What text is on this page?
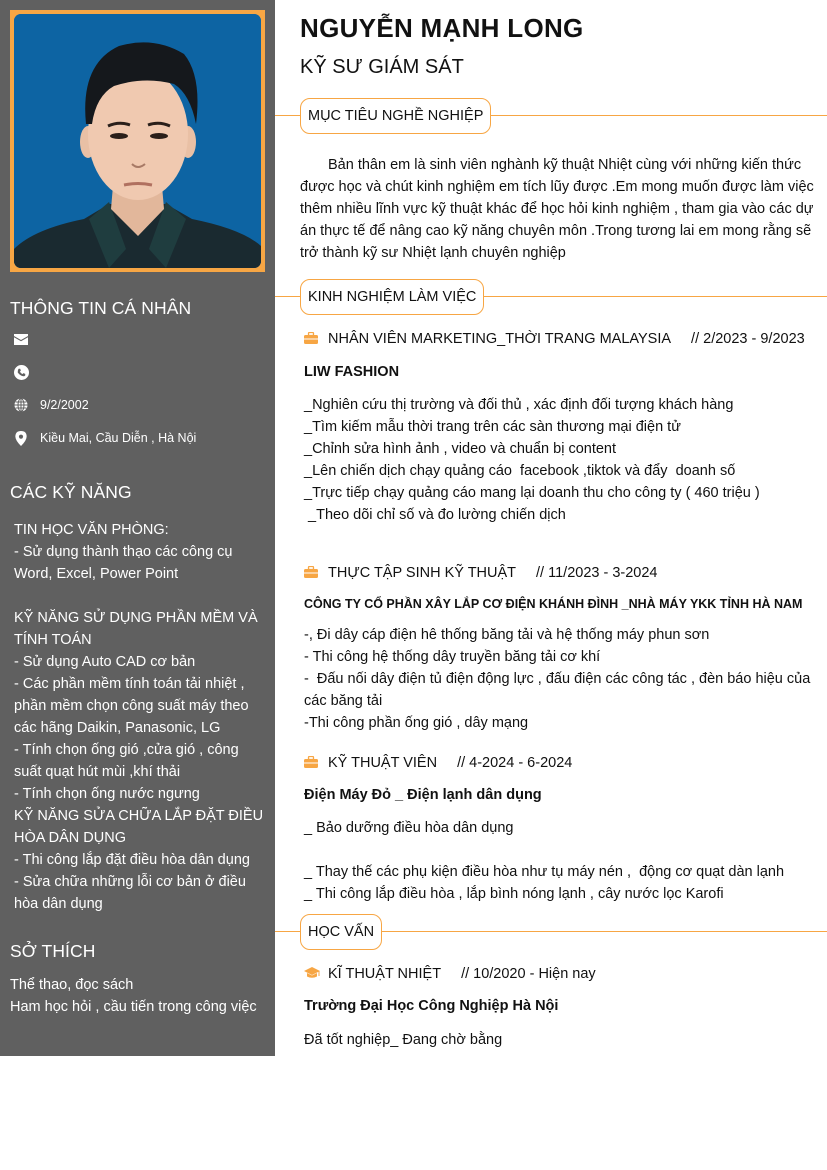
THÔNG TIN CÁ NHÂN
9/2/2002
Kiều Mai, Cầu Diễn , Hà Nội
CÁC KỸ NĂNG
TIN HỌC VĂN PHÒNG:
- Sử dụng thành thạo các công cụ Word, Excel, Power Point
KỸ NĂNG SỬ DỤNG PHẦN MỀM VÀ TÍNH TOÁN
- Sử dụng Auto CAD cơ bản
- Các phần mềm tính toán tải nhiệt , phần mềm chọn công suất máy theo các hãng Daikin, Panasonic, LG
- Tính chọn ống gió ,cửa gió , công suất quạt hút mùi ,khí thải
- Tính chọn ống nước ngưng
KỸ NĂNG SỬA CHỮA LẮP ĐẶT ĐIỀU HÒA DÂN DỤNG
- Thi công lắp đặt điều hòa dân dụng
- Sửa chữa những lỗi cơ bản ở điều hòa dân dụng
SỞ THÍCH
Thể thao, đọc sách
Ham học hỏi , cầu tiến trong công việc
NGUYỄN MẠNH LONG
KỸ SƯ GIÁM SÁT
MỤC TIÊU NGHỀ NGHIỆP

Bản thân em là sinh viên nghành kỹ thuật Nhiệt cùng với những kiến thức được học và chút kinh nghiệm em tích lũy được .Em mong muốn được làm việc thêm nhiều lĩnh vực kỹ thuật khác để học hỏi kinh nghiệm , tham gia vào các dự án thực tế để nâng cao kỹ năng chuyên môn .Trong tương lai em mong rằng sẽ trở thành kỹ sư Nhiệt lạnh chuyên nghiệp

KINH NGHIỆM LÀM VIỆC
NHÂN VIÊN MARKETING_THỜI TRANG MALAYSIA // 2/2023 - 9/2023
LIW FASHION
_Nghiên cứu thị trường và đối thủ , xác định đối tượng khách hàng
_Tìm kiếm mẫu thời trang trên các sàn thương mại điện tử
_Chỉnh sửa hình ảnh , video và chuẩn bị content
_Lên chiến dịch chạy quảng cáo  facebook ,tiktok và đẩy  doanh số
_Trực tiếp chạy quảng cáo mang lại doanh thu cho công ty ( 460 triệu )
_Theo dõi chỉ số và đo lường chiến dịch
THỰC TẬP SINH KỸ THUẬT // 11/2023 - 3-2024
CÔNG TY CỔ PHẦN XÂY LẮP CƠ ĐIỆN KHÁNH ĐÌNH _NHÀ MÁY YKK TỈNH HÀ NAM
-, Đi dây cáp điện hê thống băng tải và hệ thống máy phun sơn
- Thi công hệ thống dây truyền băng tải cơ khí
-  Đấu nối dây điện tủ điện động lực , đấu điện các công tác , đèn báo hiệu của các băng tải
-Thi công phần ống gió , dây mạng
KỸ THUẬT VIÊN // 4-2024 - 6-2024
Điện Máy Đỏ _ Điện lạnh dân dụng
_ Bảo dưỡng điều hòa dân dụng

_ Thay thế các phụ kiện điều hòa như tụ máy nén ,  động cơ quạt dàn lạnh
_ Thi công lắp điều hòa , lắp bình nóng lạnh , cây nước lọc Karofi
HỌC VẤN
KĨ THUẬT NHIỆT // 10/2020 - Hiện nay
Trường Đại Học Công Nghiệp Hà Nội
Đã tốt nghiệp_ Đang chờ bằng
